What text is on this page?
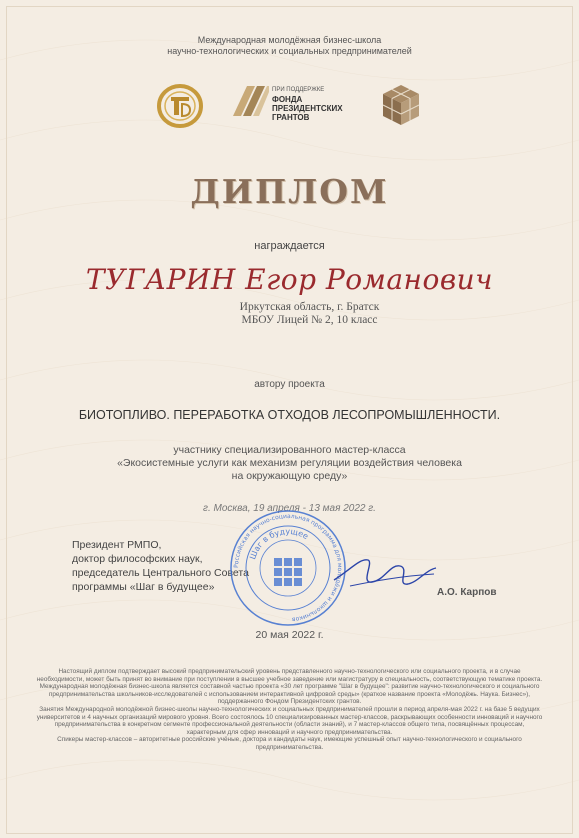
Международная молодёжная бизнес-школа
научно-технологических и социальных предпринимателей
ПРИ ПОДДЕРЖКЕ
ФОНДА
ПРЕЗИДЕНТСКИХ
ГРАНТОВ
ДИПЛОМ
награждается
ТУГАРИН Егор Романович
Иркутская область, г. Братск
МБОУ Лицей № 2, 10 класс
автору проекта
БИОТОПЛИВО. ПЕРЕРАБОТКА ОТХОДОВ ЛЕСОПРОМЫШЛЕННОСТИ.
участнику специализированного мастер-класса
«Экосистемные услуги как механизм регуляции воздействия человека
на окружающую среду»
г. Москва, 19 апреля - 13 мая 2022 г.
Президент РМПО,
доктор философских наук,
председатель Центрального Совета
программы «Шаг в будущее»
Российская научно-социальная программа для молодёжи и школьников
Шаг в будущее
А.О. Карпов
20 мая 2022 г.

Настоящий диплом подтверждает высокий предпринимательский уровень представленного научно-технологического или социального проекта, и в случае необходимости, может быть принят во внимание при поступлении в высшее учебное заведение или магистратуру в специальность, соответствующую тематике проекта.

Международная молодёжная бизнес-школа является составной частью проекта «30 лет программе "Шаг в будущее": развитие научно-технологического и социального предпринимательства школьников-исследователей с использованием интерактивной цифровой среды» (краткое название проекта «Молодёжь. Наука. Бизнес»), поддержанного Фондом Президентских грантов.

Занятия Международной молодёжной бизнес-школы научно-технологических и социальных предпринимателей прошли в период апреля-мая 2022 г. на базе 5 ведущих университетов и 4 научных организаций мирового уровня. Всего состоялось 10 специализированных мастер-классов, раскрывающих особенности инноваций и научного предпринимательства в конкретном сегменте профессиональной деятельности (области знаний), и 7 мастер-классов общего типа, посвящённых процессам, характерным для сфер инноваций и научного предпринимательства.

Спикеры мастер-классов – авторитетные российские учёные, доктора и кандидаты наук, имеющие успешный опыт научно-технологического и социального предпринимательства.
